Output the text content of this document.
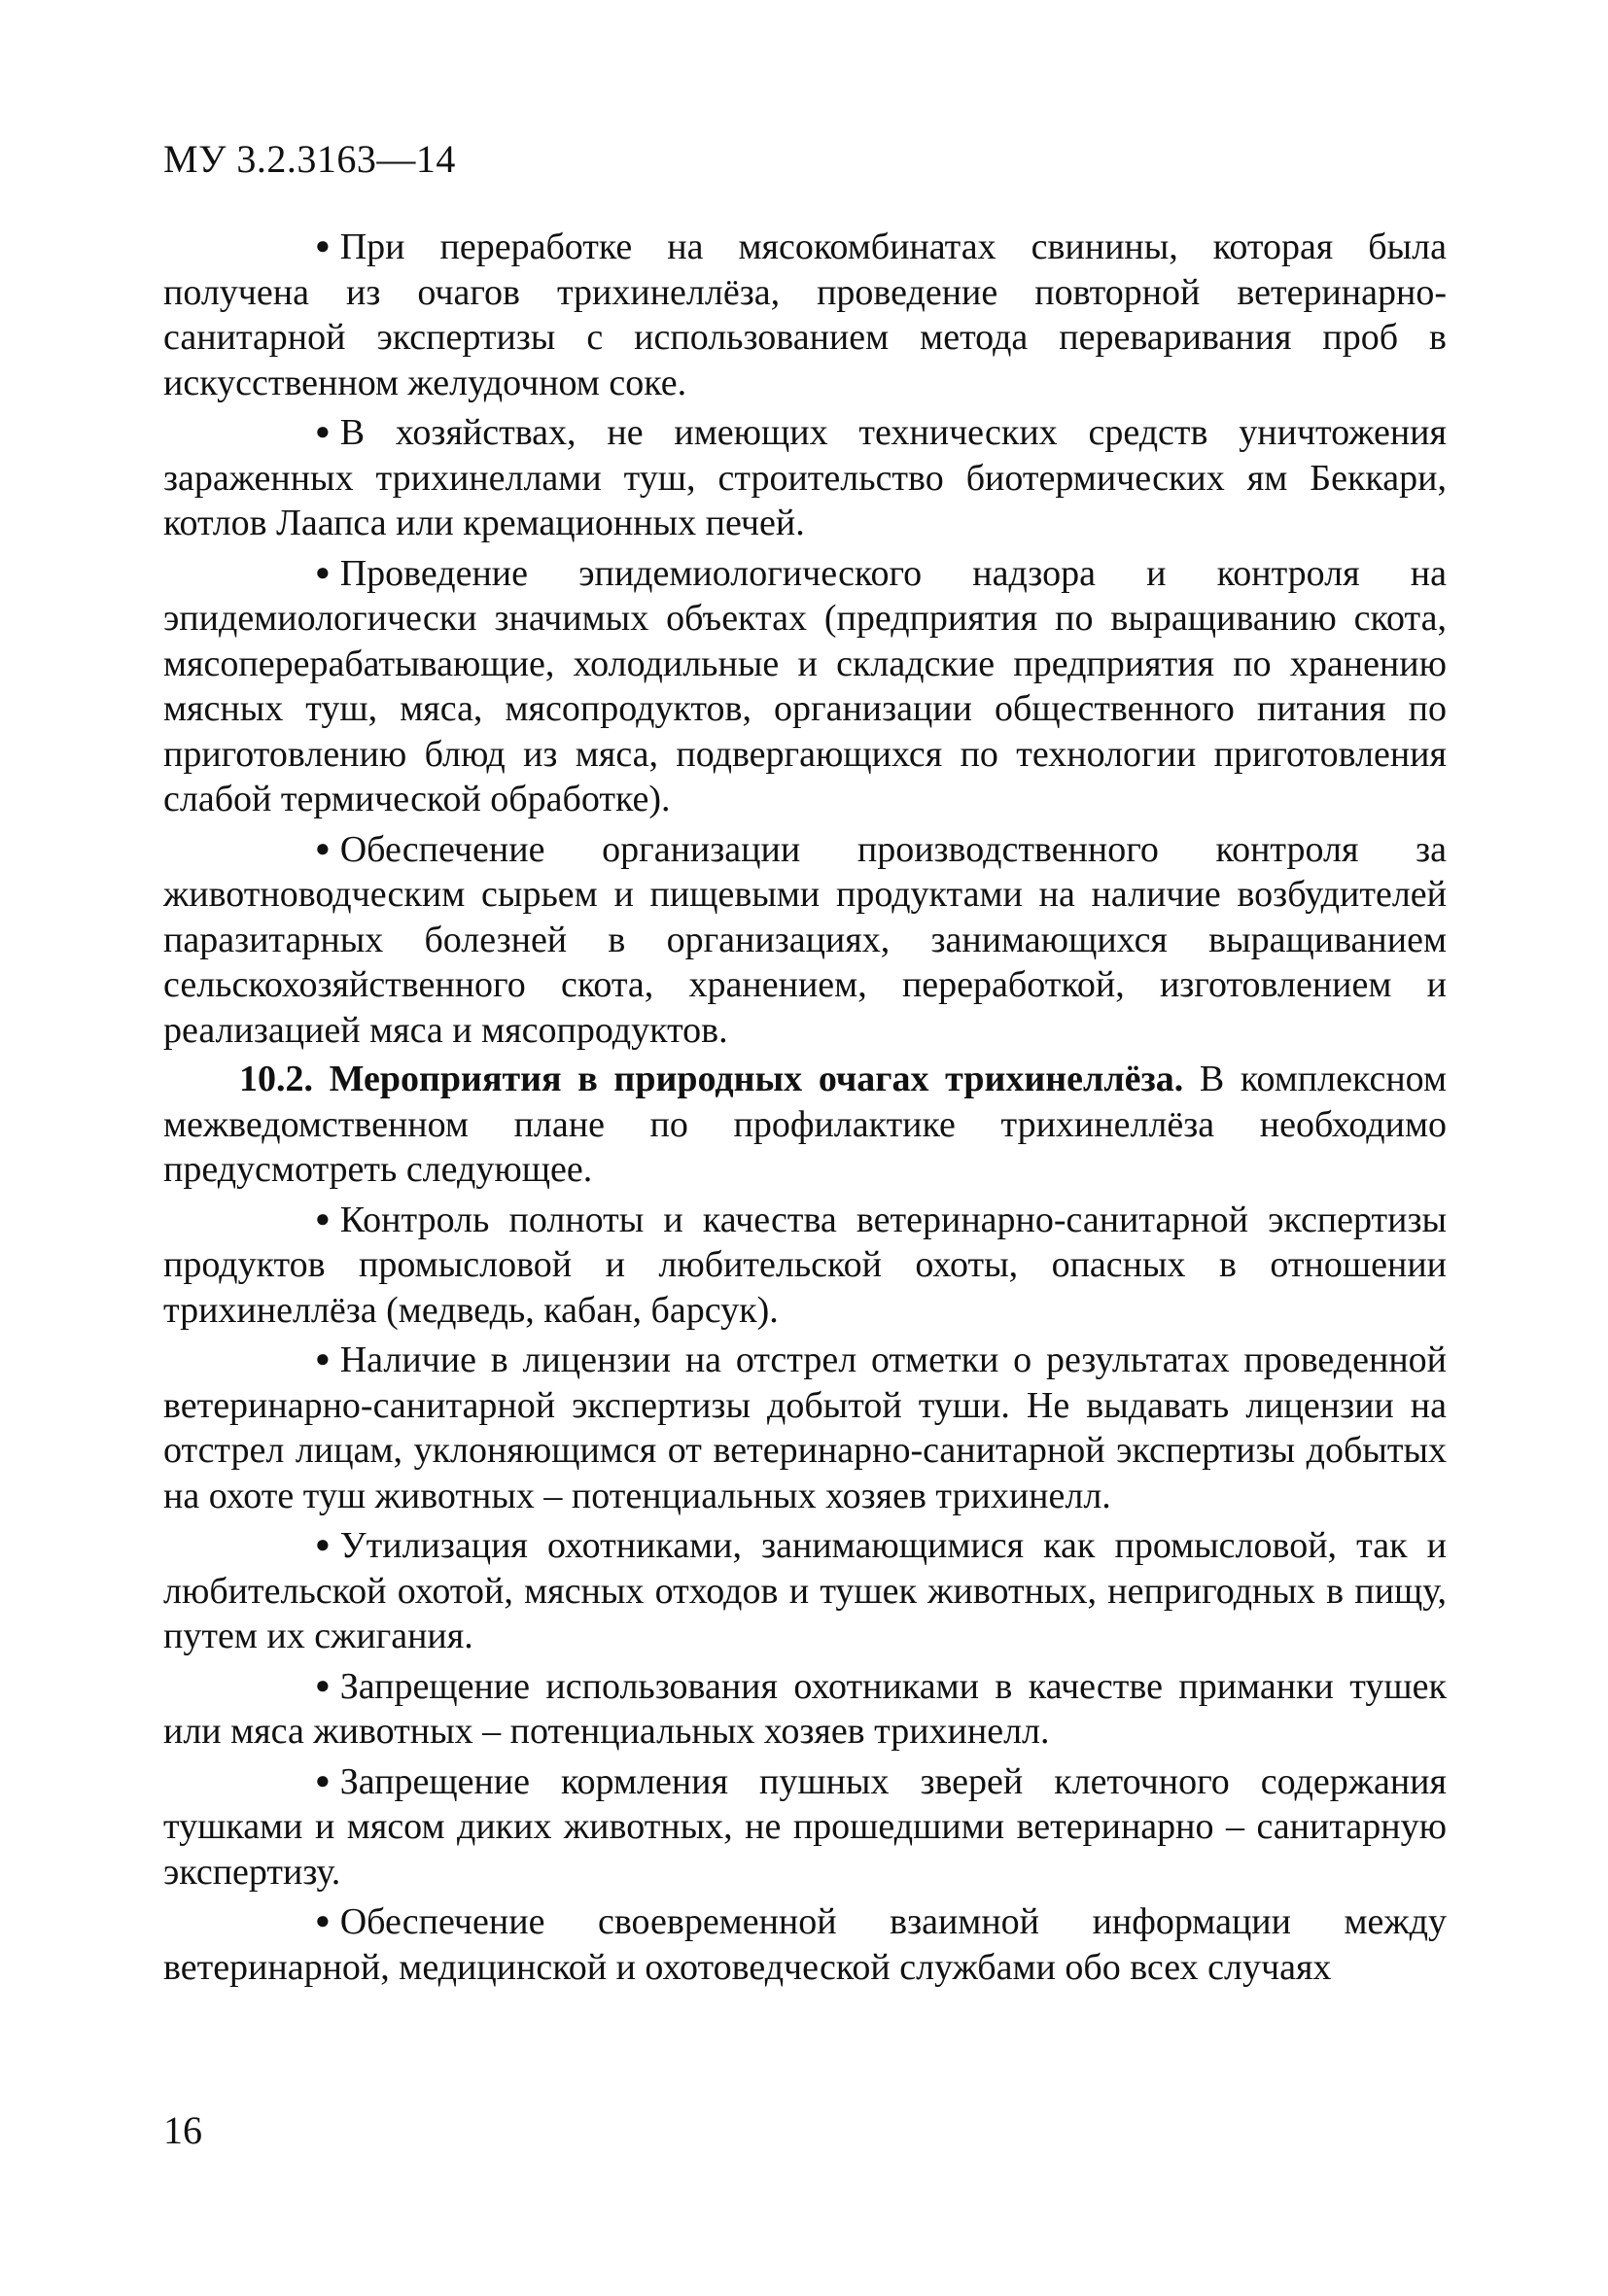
МУ 3.2.3163—14

● При переработке на мясокомбинатах свинины, которая была получена из очагов трихинеллёза, проведение повторной ветеринарно-санитарной экспертизы с использованием метода переваривания проб в искусственном желудочном соке.

● В хозяйствах, не имеющих технических средств уничтожения зараженных трихинеллами туш, строительство биотермических ям Беккари, котлов Лаапса или кремационных печей.

● Проведение эпидемиологического надзора и контроля на эпидемиологически значимых объектах (предприятия по выращиванию скота, мясоперерабатывающие, холодильные и складские предприятия по хранению мясных туш, мяса, мясопродуктов, организации общественного питания по приготовлению блюд из мяса, подвергающихся по технологии приготовления слабой термической обработке).

● Обеспечение организации производственного контроля за животноводческим сырьем и пищевыми продуктами на наличие возбудителей паразитарных болезней в организациях, занимающихся выращиванием сельскохозяйственного скота, хранением, переработкой, изготовлением и реализацией мяса и мясопродуктов.

10.2. Мероприятия в природных очагах трихинеллёза. В комплексном межведомственном плане по профилактике трихинеллёза необходимо предусмотреть следующее.

● Контроль полноты и качества ветеринарно-санитарной экспертизы продуктов промысловой и любительской охоты, опасных в отношении трихинеллёза (медведь, кабан, барсук).

● Наличие в лицензии на отстрел отметки о результатах проведенной ветеринарно-санитарной экспертизы добытой туши. Не выдавать лицензии на отстрел лицам, уклоняющимся от ветеринарно-санитарной экспертизы добытых на охоте туш животных – потенциальных хозяев трихинелл.

● Утилизация охотниками, занимающимися как промысловой, так и любительской охотой, мясных отходов и тушек животных, непригодных в пищу, путем их сжигания.

● Запрещение использования охотниками в качестве приманки тушек или мяса животных – потенциальных хозяев трихинелл.

● Запрещение кормления пушных зверей клеточного содержания тушками и мясом диких животных, не прошедшими ветеринарно – санитарную экспертизу.

● Обеспечение своевременной взаимной информации между ветеринарной, медицинской и охотоведческой службами обо всех случаях

16
